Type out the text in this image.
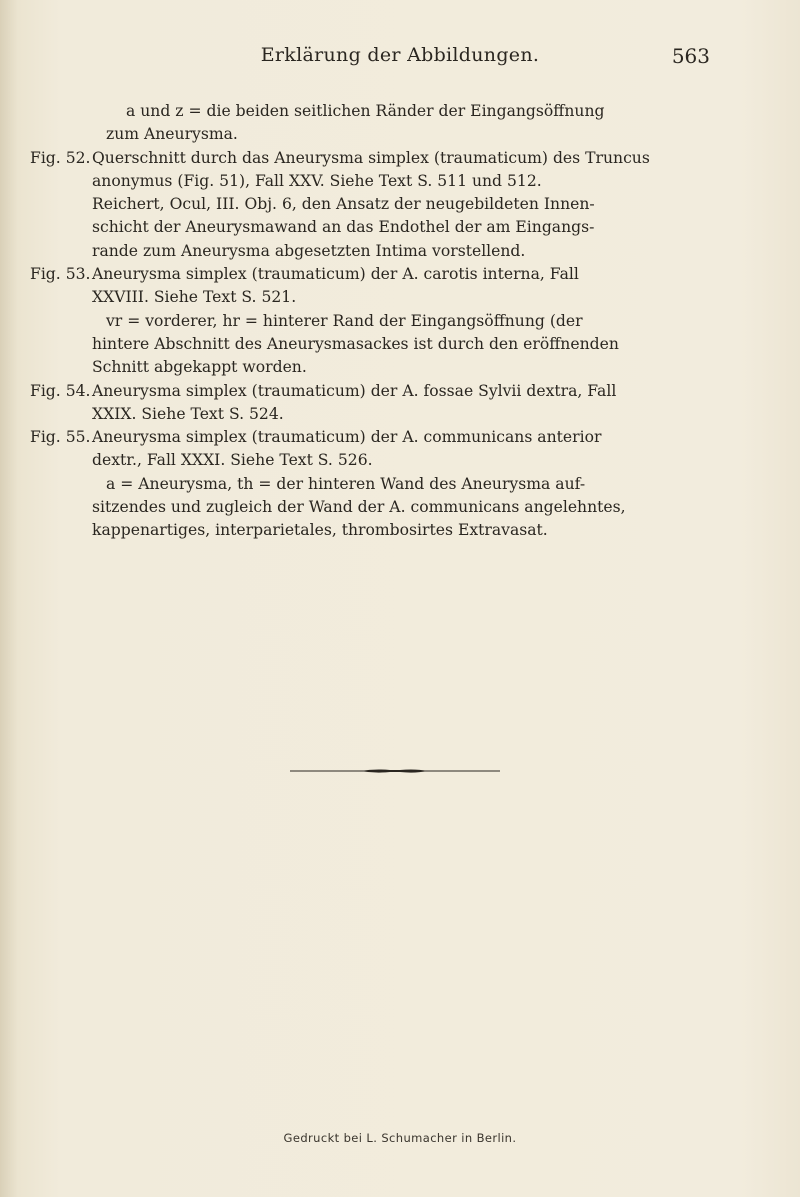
Erklärung der Abbildungen.	563
a und z = die beiden seitlichen Ränder der Eingangsöffnung
zum Aneurysma.
Fig. 52. Querschnitt durch das Aneurysma simplex (traumaticum) des Truncus
anonymus (Fig. 51), Fall XXV. Siehe Text S. 511 und 512.
Reichert, Ocul, III. Obj. 6, den Ansatz der neugebildeten Innen-
schicht der Aneurysmawand an das Endothel der am Eingangs-
rande zum Aneurysma abgesetzten Intima vorstellend.
Fig. 53. Aneurysma simplex (traumaticum) der A. carotis interna, Fall
XXVIII. Siehe Text S. 521.
vr = vorderer, hr = hinterer Rand der Eingangsöffnung (der
hintere Abschnitt des Aneurysmasackes ist durch den eröffnenden
Schnitt abgekappt worden.
Fig. 54. Aneurysma simplex (traumaticum) der A. fossae Sylvii dextra, Fall
XXIX. Siehe Text S. 524.
Fig. 55. Aneurysma simplex (traumaticum) der A. communicans anterior
dextr., Fall XXXI. Siehe Text S. 526.
a = Aneurysma, th = der hinteren Wand des Aneurysma auf-
sitzendes und zugleich der Wand der A. communicans angelehntes,
kappenartiges, interparietales, thrombosirtes Extravasat.
Gedruckt bei L. Schumacher in Berlin.
